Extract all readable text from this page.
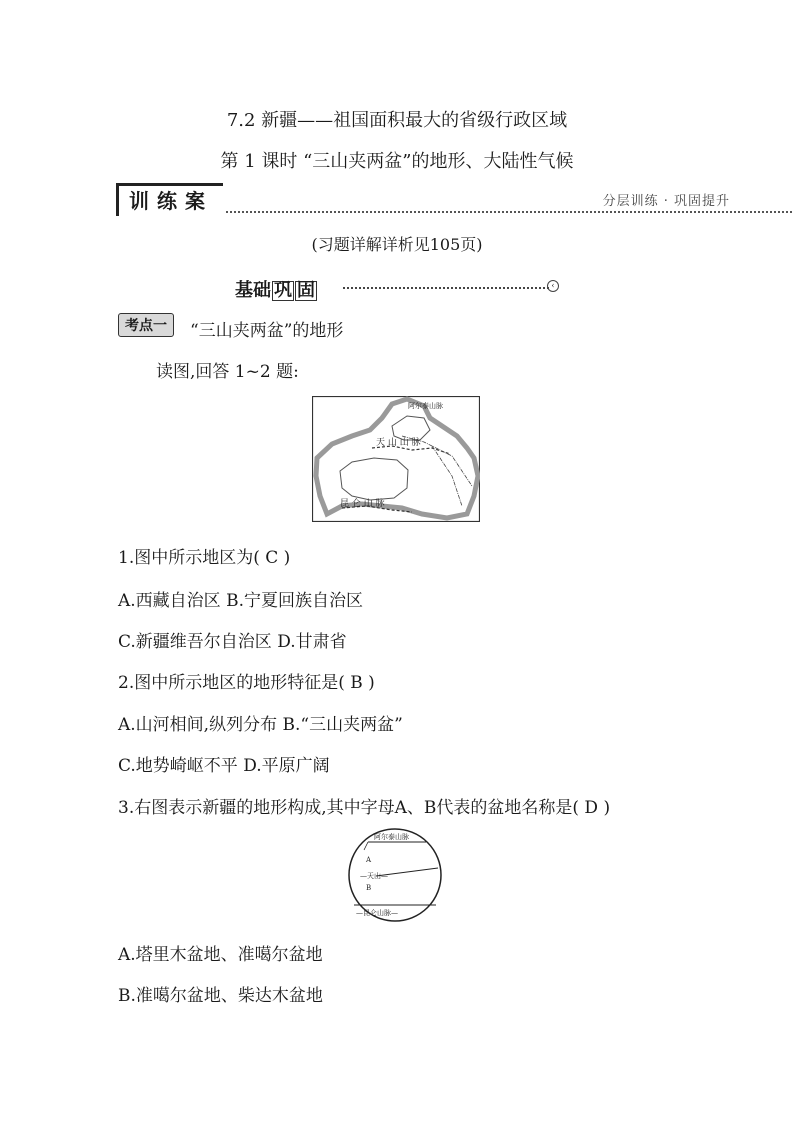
7.2 新疆——祖国面积最大的省级行政区域
第 1 课时 “三山夹两盆”的地形、大陆性气候
训练案	分层训练 · 巩固提升
(习题详解详析见105页)
基础 巩 固	‹
考点一	“三山夹两盆”的地形
读图,回答 1~2 题:
阿尔泰山脉
天 山 山 脉
昆 仑 山 脉
1.图中所示地区为( C )
A.西藏自治区 B.宁夏回族自治区
C.新疆维吾尔自治区 D.甘肃省
2.图中所示地区的地形特征是( B )
A.山河相间,纵列分布 B.“三山夹两盆”
C.地势崎岖不平 D.平原广阔
3.右图表示新疆的地形构成,其中字母A、B代表的盆地名称是( D )
阿尔泰山脉
A
—天山—
B
—昆仑山脉—
A.塔里木盆地、准噶尔盆地
B.准噶尔盆地、柴达木盆地
